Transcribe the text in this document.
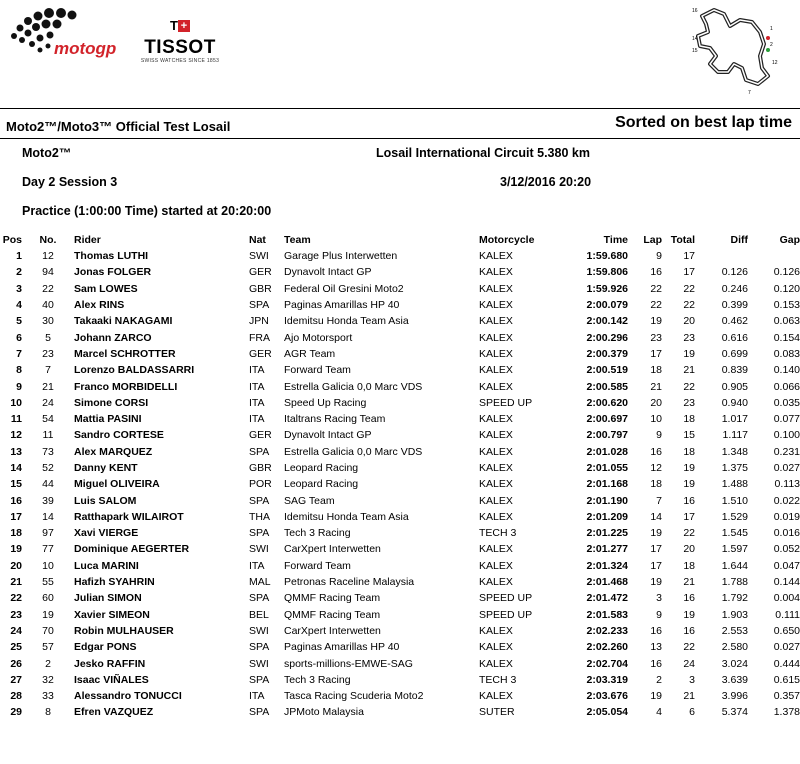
motogp
$^T$ +
TISSOT
SWISS WATCHES SINCE 1853
16
1
2
14
15
7
12
Moto2™/Moto3™ Official Test Losail	Sorted on best lap time
Moto2™	Losail International Circuit 5.380 km
Day 2 Session 3	3/12/2016 20:20
Practice (1:00:00 Time) started at 20:20:00
Pos	No.	Rider	Nat	Team	Motorcycle	Time	Lap	Total	Diff	Gap
1	12	Thomas LUTHI	SWI	Garage Plus Interwetten	KALEX	1:59.680	9	17		
2	94	Jonas FOLGER	GER	Dynavolt Intact GP	KALEX	1:59.806	16	17	0.126	0.126
3	22	Sam LOWES	GBR	Federal Oil Gresini Moto2	KALEX	1:59.926	22	22	0.246	0.120
4	40	Alex RINS	SPA	Paginas Amarillas HP 40	KALEX	2:00.079	22	22	0.399	0.153
5	30	Takaaki NAKAGAMI	JPN	Idemitsu Honda Team Asia	KALEX	2:00.142	19	20	0.462	0.063
6	5	Johann ZARCO	FRA	Ajo Motorsport	KALEX	2:00.296	23	23	0.616	0.154
7	23	Marcel SCHROTTER	GER	AGR Team	KALEX	2:00.379	17	19	0.699	0.083
8	7	Lorenzo BALDASSARRI	ITA	Forward Team	KALEX	2:00.519	18	21	0.839	0.140
9	21	Franco MORBIDELLI	ITA	Estrella Galicia 0,0 Marc VDS	KALEX	2:00.585	21	22	0.905	0.066
10	24	Simone CORSI	ITA	Speed Up Racing	SPEED UP	2:00.620	20	23	0.940	0.035
11	54	Mattia PASINI	ITA	Italtrans Racing Team	KALEX	2:00.697	10	18	1.017	0.077
12	11	Sandro CORTESE	GER	Dynavolt Intact GP	KALEX	2:00.797	9	15	1.117	0.100
13	73	Alex MARQUEZ	SPA	Estrella Galicia 0,0 Marc VDS	KALEX	2:01.028	16	18	1.348	0.231
14	52	Danny KENT	GBR	Leopard Racing	KALEX	2:01.055	12	19	1.375	0.027
15	44	Miguel OLIVEIRA	POR	Leopard Racing	KALEX	2:01.168	18	19	1.488	0.113
16	39	Luis SALOM	SPA	SAG Team	KALEX	2:01.190	7	16	1.510	0.022
17	14	Ratthapark WILAIROT	THA	Idemitsu Honda Team Asia	KALEX	2:01.209	14	17	1.529	0.019
18	97	Xavi VIERGE	SPA	Tech 3 Racing	TECH 3	2:01.225	19	22	1.545	0.016
19	77	Dominique AEGERTER	SWI	CarXpert Interwetten	KALEX	2:01.277	17	20	1.597	0.052
20	10	Luca MARINI	ITA	Forward Team	KALEX	2:01.324	17	18	1.644	0.047
21	55	Hafizh SYAHRIN	MAL	Petronas Raceline Malaysia	KALEX	2:01.468	19	21	1.788	0.144
22	60	Julian SIMON	SPA	QMMF Racing Team	SPEED UP	2:01.472	3	16	1.792	0.004
23	19	Xavier SIMEON	BEL	QMMF Racing Team	SPEED UP	2:01.583	9	19	1.903	0.111
24	70	Robin MULHAUSER	SWI	CarXpert Interwetten	KALEX	2:02.233	16	16	2.553	0.650
25	57	Edgar PONS	SPA	Paginas Amarillas HP 40	KALEX	2:02.260	13	22	2.580	0.027
26	2	Jesko RAFFIN	SWI	sports-millions-EMWE-SAG	KALEX	2:02.704	16	24	3.024	0.444
27	32	Isaac VIÑALES	SPA	Tech 3 Racing	TECH 3	2:03.319	2	3	3.639	0.615
28	33	Alessandro TONUCCI	ITA	Tasca Racing Scuderia Moto2	KALEX	2:03.676	19	21	3.996	0.357
29	8	Efren VAZQUEZ	SPA	JPMoto Malaysia	SUTER	2:05.054	4	6	5.374	1.378
